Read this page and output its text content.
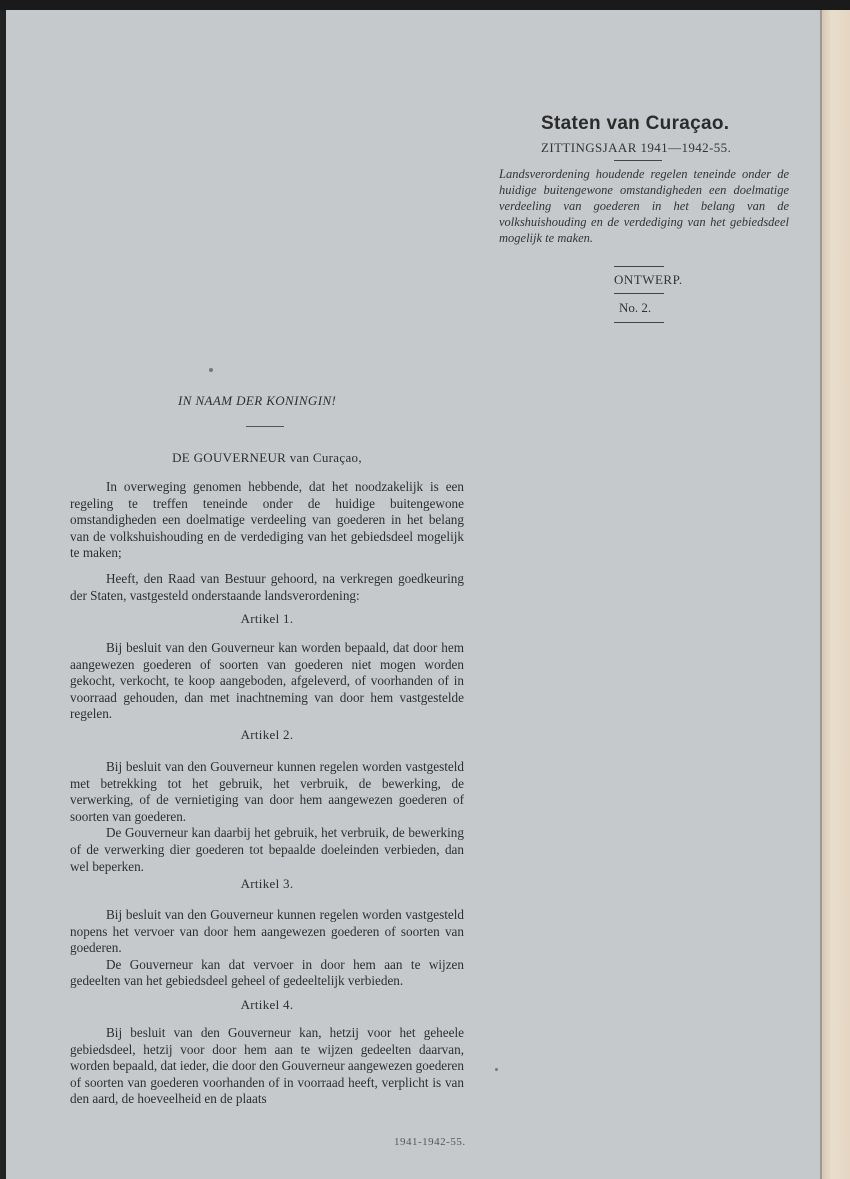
Staten van Curaçao.
ZITTINGSJAAR 1941—1942-55.
Landsverordening houdende regelen teneinde onder de huidige buitengewone omstandigheden een doelmatige verdeeling van goederen in het belang van de volkshuishouding en de verdediging van het gebiedsdeel mogelijk te maken.
ONTWERP.
No. 2.
IN NAAM DER KONINGIN!
DE GOUVERNEUR van Curaçao,

In overweging genomen hebbende, dat het noodzakelijk is een regeling te treffen teneinde onder de huidige buitengewone omstandigheden een doelmatige verdeeling van goederen in het belang van de volkshuishouding en de verdediging van het gebiedsdeel mogelijk te maken;

Heeft, den Raad van Bestuur gehoord, na verkregen goedkeuring der Staten, vastgesteld onderstaande landsverordening:

Artikel 1.

Bij besluit van den Gouverneur kan worden bepaald, dat door hem aangewezen goederen of soorten van goederen niet mogen worden gekocht, verkocht, te koop aangeboden, afgeleverd, of voorhanden of in voorraad gehouden, dan met inachtneming van door hem vastgestelde regelen.

Artikel 2.

Bij besluit van den Gouverneur kunnen regelen worden vastgesteld met betrekking tot het gebruik, het verbruik, de bewerking, de verwerking, of de vernietiging van door hem aangewezen goederen of soorten van goederen.

De Gouverneur kan daarbij het gebruik, het verbruik, de bewerking of de verwerking dier goederen tot bepaalde doeleinden verbieden, dan wel beperken.

Artikel 3.

Bij besluit van den Gouverneur kunnen regelen worden vastgesteld nopens het vervoer van door hem aangewezen goederen of soorten van goederen.

De Gouverneur kan dat vervoer in door hem aan te wijzen gedeelten van het gebiedsdeel geheel of gedeeltelijk verbieden.

Artikel 4.

Bij besluit van den Gouverneur kan, hetzij voor het geheele gebiedsdeel, hetzij voor door hem aan te wijzen gedeelten daarvan, worden bepaald, dat ieder, die door den Gouverneur aangewezen goederen of soorten van goederen voorhanden of in voorraad heeft, verplicht is van den aard, de hoeveelheid en de plaats

1941-1942-55.
